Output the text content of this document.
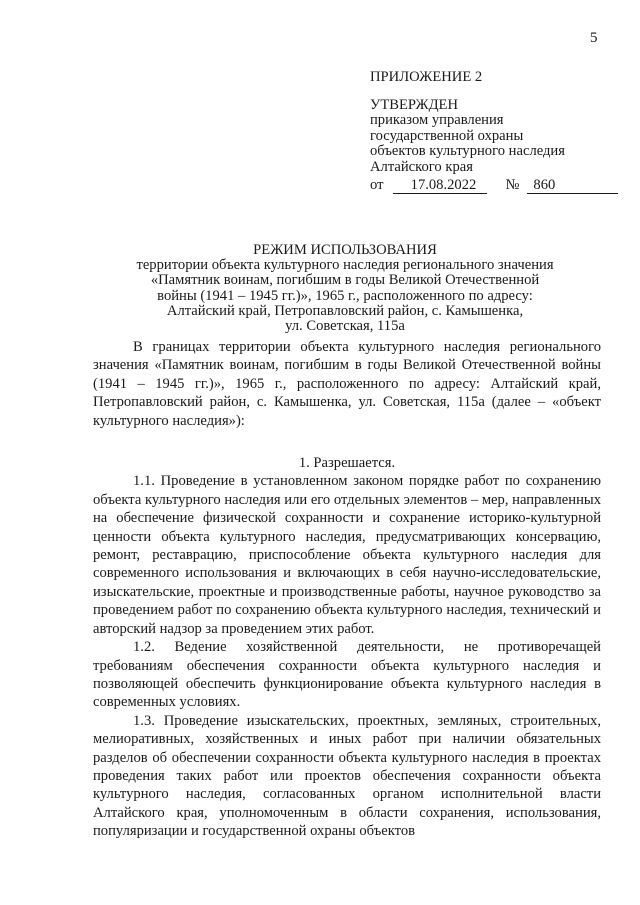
5

ПРИЛОЖЕНИЕ 2

УТВЕРЖДЕН

приказом управления

государственной охраны

объектов культурного наследия

Алтайского края

от 17.08.2022 № 860

РЕЖИМ ИСПОЛЬЗОВАНИЯ

территории объекта культурного наследия регионального значения

«Памятник воинам, погибшим в годы Великой Отечественной

войны (1941 – 1945 гг.)», 1965 г., расположенного по адресу:

Алтайский край, Петропавловский район, с. Камышенка,

ул. Советская, 115а

В границах территории объекта культурного наследия регионального значения «Памятник воинам, погибшим в годы Великой Отечественной войны (1941 – 1945 гг.)», 1965 г., расположенного по адресу: Алтайский край, Петропавловский район, с. Камышенка, ул. Советская, 115а (далее – «объект культурного наследия»):

1. Разрешается.

1.1. Проведение в установленном законом порядке работ по сохранению объекта культурного наследия или его отдельных элементов – мер, направленных на обеспечение физической сохранности и сохранение историко-культурной ценности объекта культурного наследия, предусматривающих консервацию, ремонт, реставрацию, приспособление объекта культурного наследия для современного использования и включающих в себя научно-исследовательские, изыскательские, проектные и производственные работы, научное руководство за проведением работ по сохранению объекта культурного наследия, технический и авторский надзор за проведением этих работ.

1.2. Ведение хозяйственной деятельности, не противоречащей требованиям обеспечения сохранности объекта культурного наследия и позволяющей обеспечить функционирование объекта культурного наследия в современных условиях.

1.3. Проведение изыскательских, проектных, земляных, строительных, мелиоративных, хозяйственных и иных работ при наличии обязательных разделов об обеспечении сохранности объекта культурного наследия в проектах проведения таких работ или проектов обеспечения сохранности объекта культурного наследия, согласованных органом исполнительной власти Алтайского края, уполномоченным в области сохранения, использования, популяризации и государственной охраны объектов
